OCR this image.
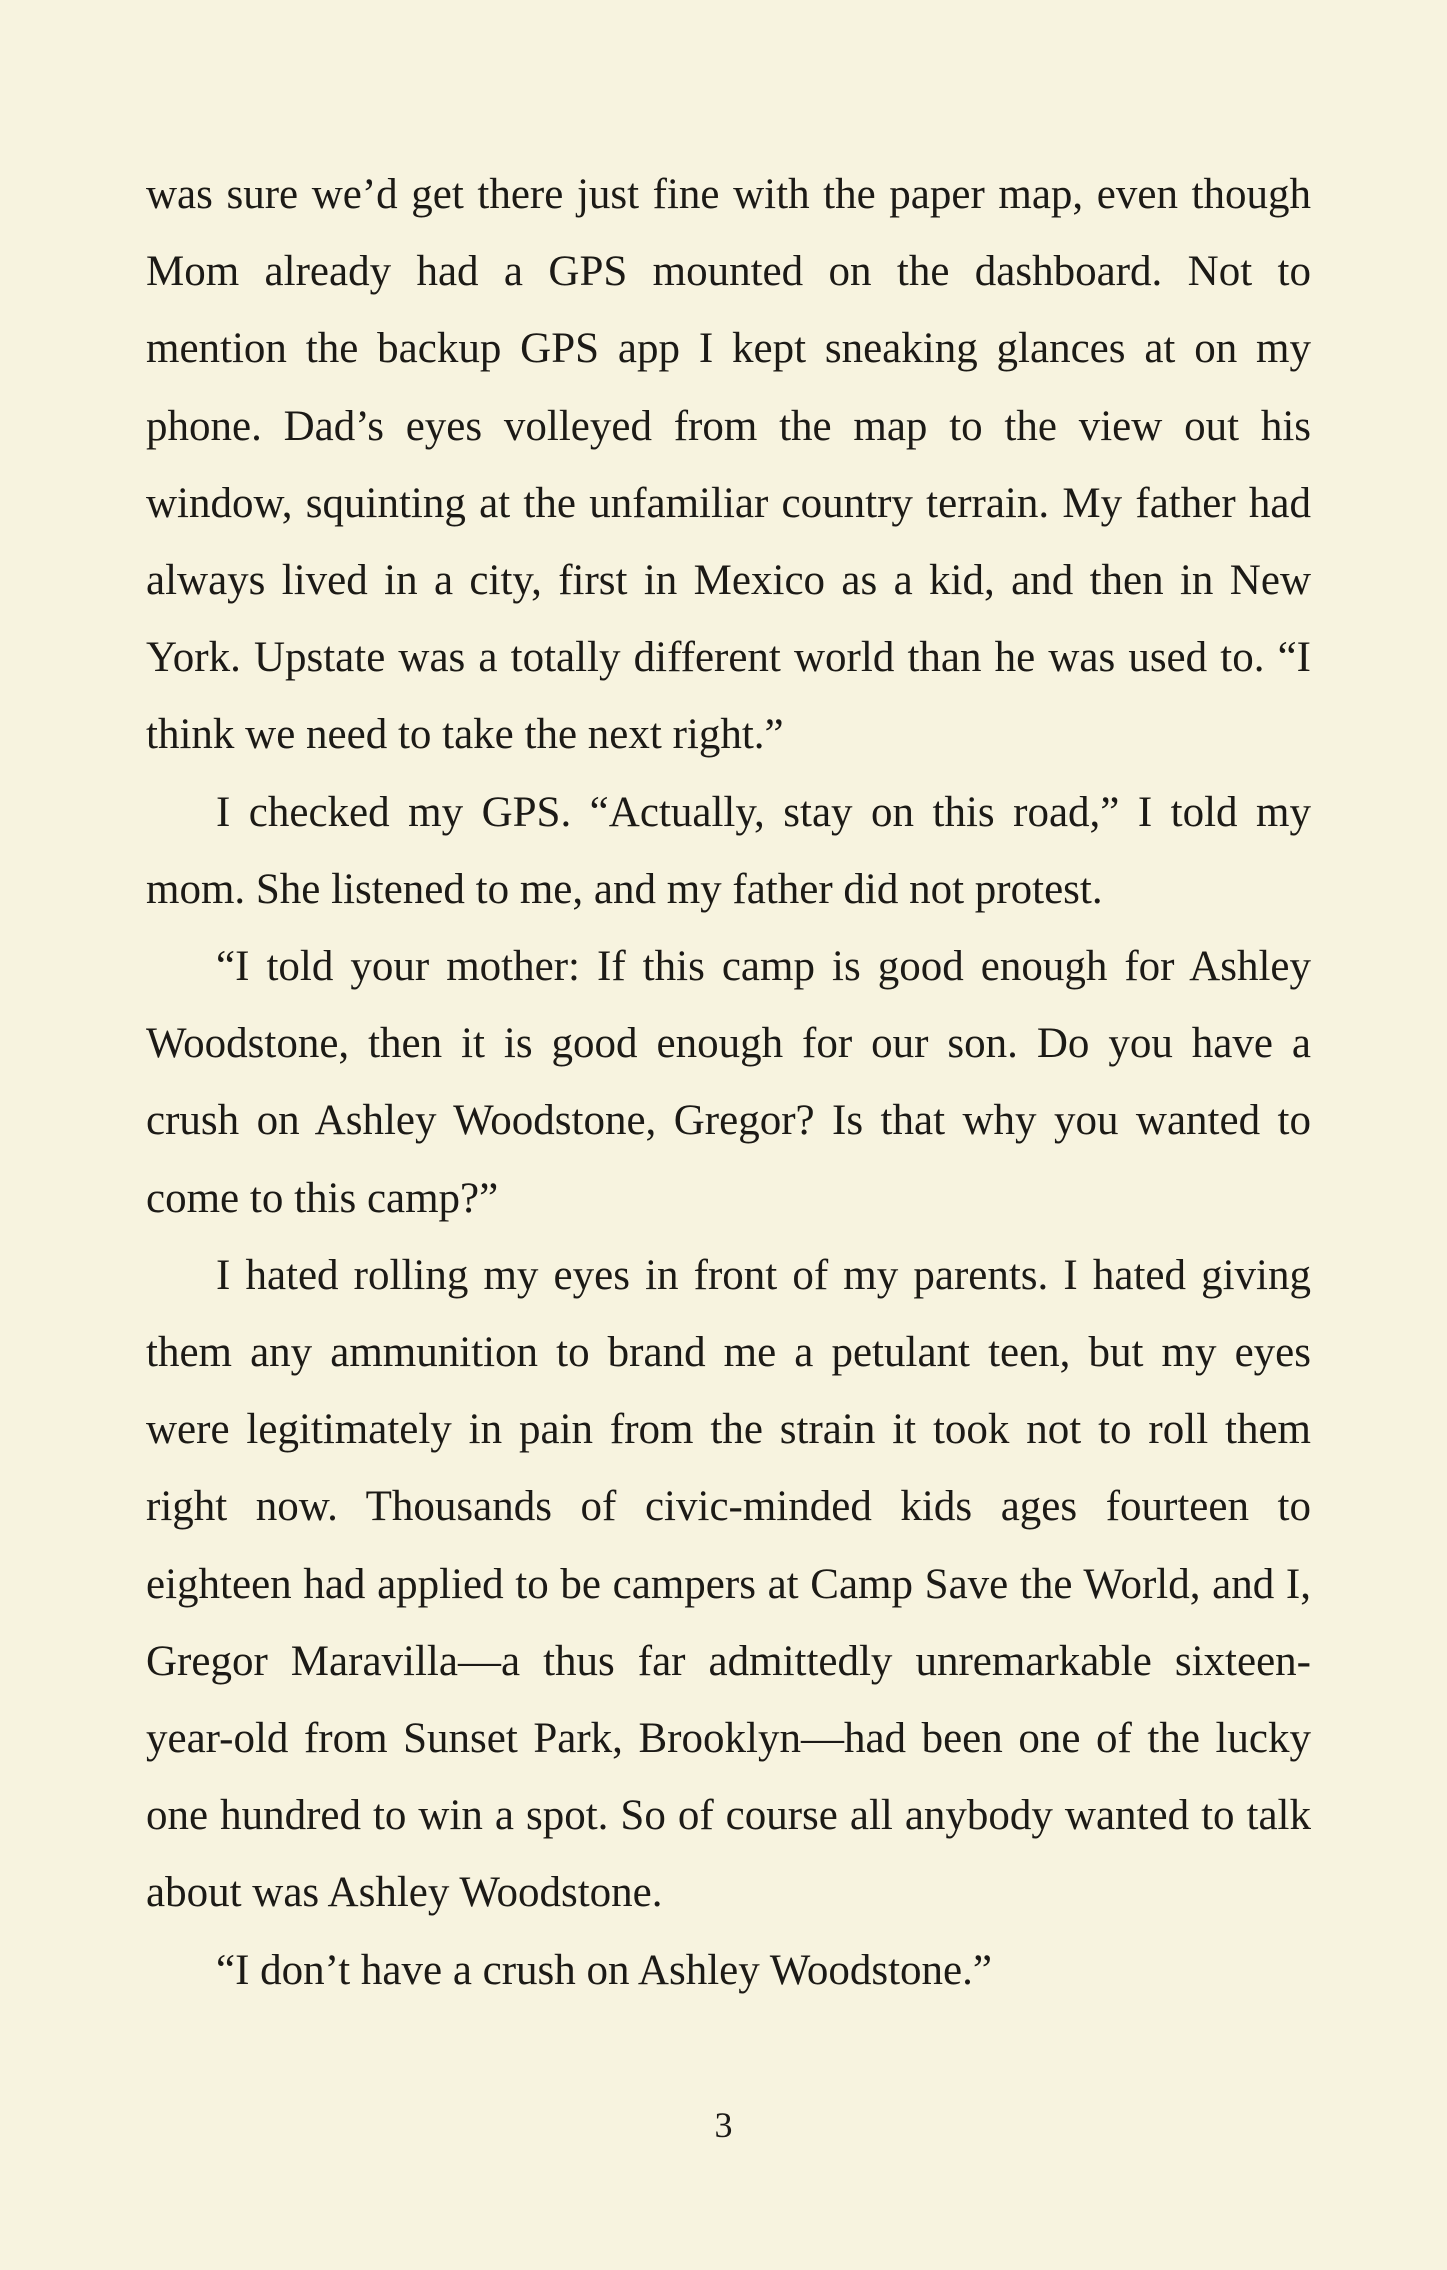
was sure we’d get there just fine with the paper map, even though Mom already had a GPS mounted on the dashboard. Not to mention the backup GPS app I kept sneaking glances at on my phone. Dad’s eyes volleyed from the map to the view out his window, squinting at the unfamiliar country terrain. My father had always lived in a city, first in Mexico as a kid, and then in New York. Upstate was a totally different world than he was used to. “I think we need to take the next right.”

I checked my GPS. “Actually, stay on this road,” I told my mom. She listened to me, and my father did not protest.

“I told your mother: If this camp is good enough for Ashley Woodstone, then it is good enough for our son. Do you have a crush on Ashley Woodstone, Gregor? Is that why you wanted to come to this camp?”

I hated rolling my eyes in front of my parents. I hated giving them any ammunition to brand me a petulant teen, but my eyes were legitimately in pain from the strain it took not to roll them right now. Thousands of civic-minded kids ages fourteen to eighteen had applied to be campers at Camp Save the World, and I, Gregor Maravilla—a thus far admittedly unremarkable sixteen-year-old from Sunset Park, Brooklyn—had been one of the lucky one hundred to win a spot. So of course all anybody wanted to talk about was Ashley Woodstone.

“I don’t have a crush on Ashley Woodstone.”

3
